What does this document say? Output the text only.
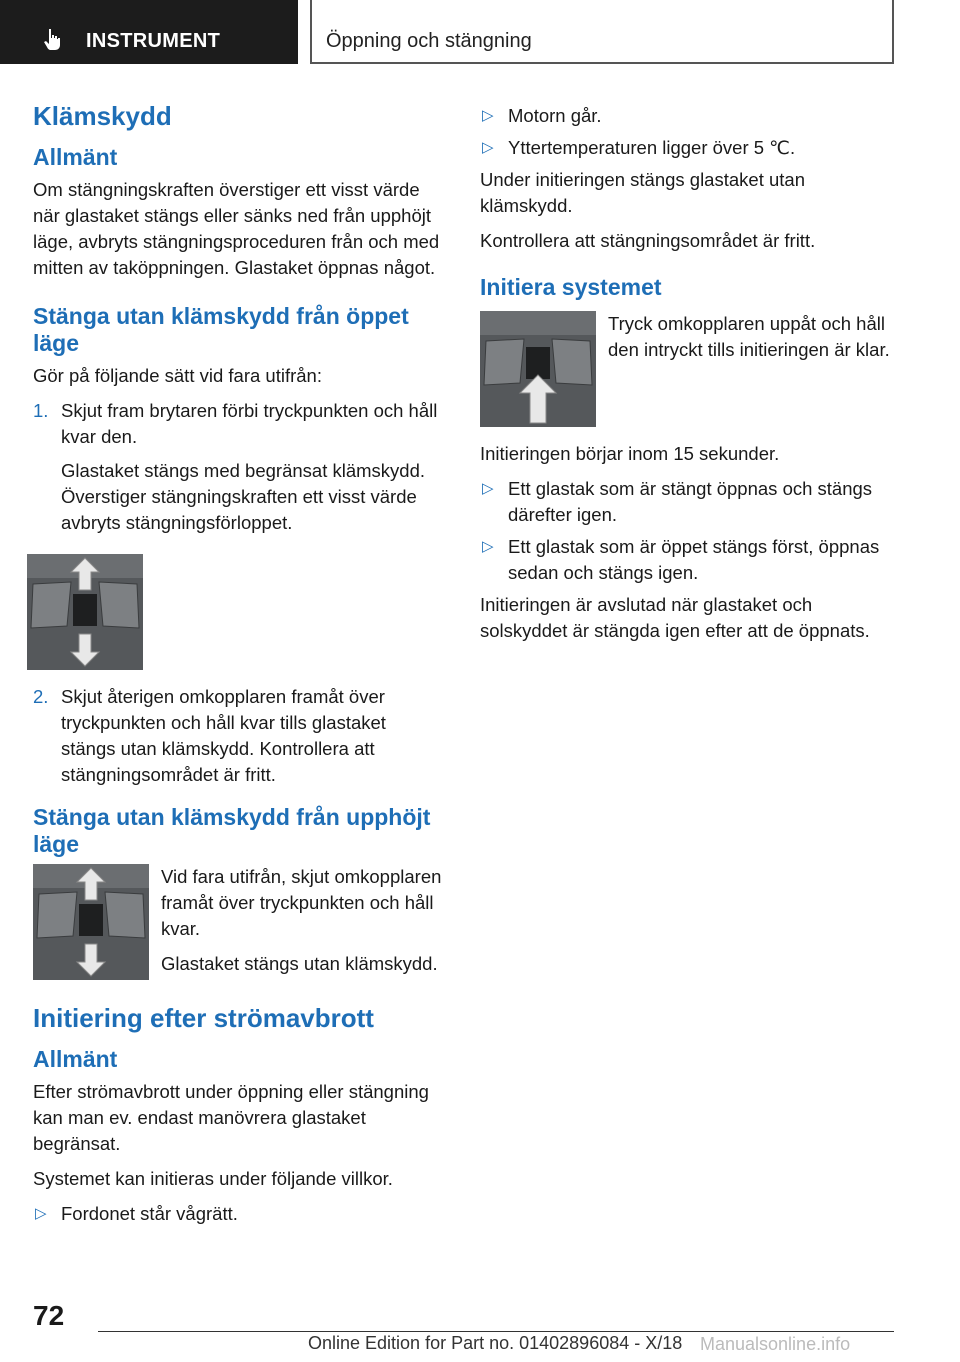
INSTRUMENT	Öppning och stängning
Klämskydd
Allmänt

Om stängningskraften överstiger ett visst värde när glastaket stängs eller sänks ned från upphöjt läge, avbryts stängningsproceduren från och med mitten av taköppningen. Glastaket öppnas något.

Stänga utan klämskydd från öppet läge

Gör på följande sätt vid fara utifrån:

1. Skjut fram brytaren förbi tryckpunkten och håll kvar den.

Glastaket stängs med begränsat klämskydd. Överstiger stängningskraften ett visst värde avbryts stängningsförloppet.

2. Skjut återigen omkopplaren framåt över tryckpunkten och håll kvar tills glastaket stängs utan klämskydd. Kontrollera att stängningsområdet är fritt.

Stänga utan klämskydd från upphöjt läge

Vid fara utifrån, skjut omkopplaren framåt över tryckpunkten och håll kvar.

Glastaket stängs utan klämskydd.

Initiering efter strömavbrott
Allmänt

Efter strömavbrott under öppning eller stängning kan man ev. endast manövrera glastaket begränsat.

Systemet kan initieras under följande villkor.

▷ Fordonet står vågrätt.
▷ Motorn går.
▷ Yttertemperaturen ligger över 5 ℃.

Under initieringen stängs glastaket utan klämskydd.

Kontrollera att stängningsområdet är fritt.

Initiera systemet

Tryck omkopplaren uppåt och håll den intryckt tills initieringen är klar.

Initieringen börjar inom 15 sekunder.

▷ Ett glastak som är stängt öppnas och stängs därefter igen.
▷ Ett glastak som är öppet stängs först, öppnas sedan och stängs igen.

Initieringen är avslutad när glastaket och solskyddet är stängda igen efter att de öppnats.

72
Online Edition for Part no. 01402896084 - X/18 Manualsonline.info
